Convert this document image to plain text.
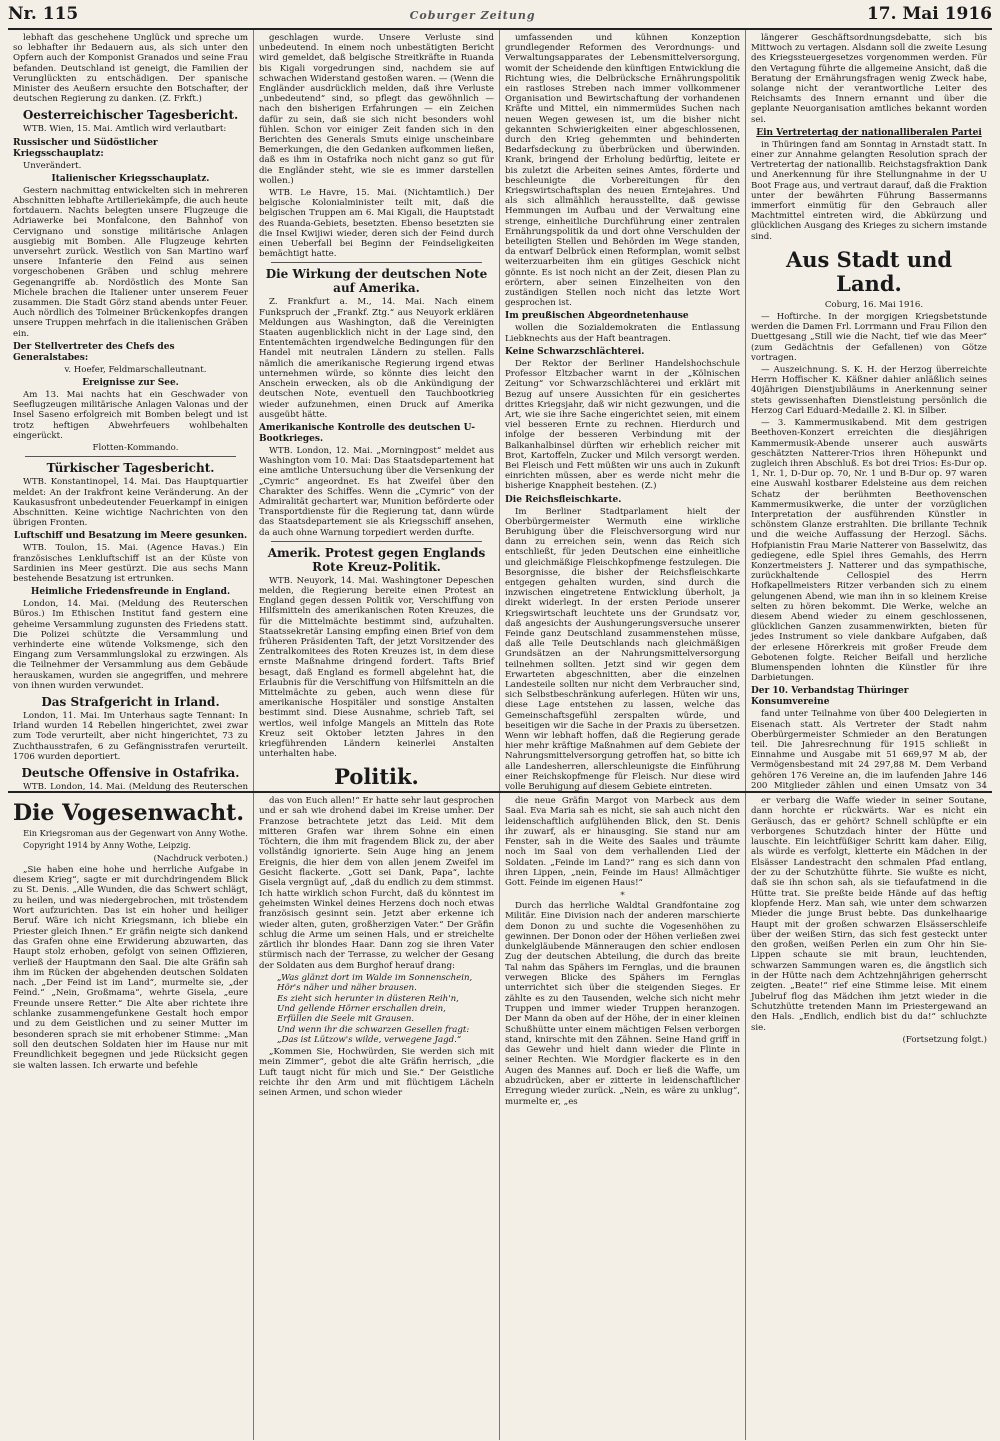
Nr. 115	Coburger Zeitung	17. Mai 1916

lebhaft das geschehene Unglück und spreche um so lebhafter ihr Bedauern aus, als sich unter den Opfern auch der Komponist Granados und seine Frau befanden. Deutschland ist geneigt, die Familien der Verunglückten zu entschädigen. Der spanische Minister des Aeußern ersuchte den Botschafter, der deutschen Regierung zu danken. (Z. Frkft.)

Oesterreichischer Tagesbericht.

WTB. Wien, 15. Mai. Amtlich wird verlautbart:

Russischer und Südöstlicher Kriegsschauplatz:

Unverändert.

Italienischer Kriegsschauplatz.

Gestern nachmittag entwickelten sich in mehreren Abschnitten lebhafte Artilleriekämpfe, die auch heute fortdauern. Nachts belegten unsere Flugzeuge die Adriawerke bei Monfalcone, den Bahnhof von Cervignano und sonstige militärische Anlagen ausgiebig mit Bomben. Alle Flugzeuge kehrten unversehrt zurück. Westlich von San Martino warf unsere Infanterie den Feind aus seinen vorgeschobenen Gräben und schlug mehrere Gegenangriffe ab. Nordöstlich des Monte San Michele brachen die Italiener unter unserem Feuer zusammen. Die Stadt Görz stand abends unter Feuer. Auch nördlich des Tolmeiner Brückenkopfes drangen unsere Truppen mehrfach in die italienischen Gräben ein.

Der Stellvertreter des Chefs des Generalstabes:

v. Hoefer, Feldmarschalleutnant.

Ereignisse zur See.

Am 13. Mai nachts hat ein Geschwader von Seeflugzeugen militärische Anlagen Valonas und der Insel Saseno erfolgreich mit Bomben belegt und ist trotz heftigen Abwehrfeuers wohlbehalten eingerückt.

Flotten-Kommando.

Türkischer Tagesbericht.

WTB. Konstantinopel, 14. Mai. Das Hauptquartier meldet: An der Irakfront keine Veränderung. An der Kaukasusfront unbedeutender Feuerkampf in einigen Abschnitten. Keine wichtige Nachrichten von den übrigen Fronten.

Luftschiff und Besatzung im Meere gesunken.

WTB. Toulon, 15. Mai. (Agence Havas.) Ein französisches Lenkluftschiff ist an der Küste von Sardinien ins Meer gestürzt. Die aus sechs Mann bestehende Besatzung ist ertrunken.

Heimliche Friedensfreunde in England.

London, 14. Mai. (Meldung des Reuterschen Büros.) Im Ethischen Institut fand gestern eine geheime Versammlung zugunsten des Friedens statt. Die Polizei schützte die Versammlung und verhinderte eine wütende Volksmenge, sich den Eingang zum Versammlungslokal zu erzwingen. Als die Teilnehmer der Versammlung aus dem Gebäude herauskamen, wurden sie angegriffen, und mehrere von ihnen wurden verwundet.

Das Strafgericht in Irland.

London, 11. Mai. Im Unterhaus sagte Tennant: In Irland wurden 14 Rebellen hingerichtet, zwei zwar zum Tode verurteilt, aber nicht hingerichtet, 73 zu Zuchthausstrafen, 6 zu Gefängnisstrafen verurteilt. 1706 wurden deportiert.

Deutsche Offensive in Ostafrika.

WTB. London, 14. Mai. (Meldung des Reuterschen

geschlagen wurde. Unsere Verluste sind unbedeutend. In einem noch unbestätigten Bericht wird gemeldet, daß belgische Streitkräfte in Ruanda bis Kigali vorgedrungen sind, nachdem sie auf schwachen Widerstand gestoßen waren. — (Wenn die Engländer ausdrücklich melden, daß ihre Verluste „unbedeutend“ sind, so pflegt das gewöhnlich — nach den bisherigen Erfahrungen — ein Zeichen dafür zu sein, daß sie sich nicht besonders wohl fühlen. Schon vor einiger Zeit fanden sich in den Berichten des Generals Smuts einige unscheinbare Bemerkungen, die den Gedanken aufkommen ließen, daß es ihm in Ostafrika noch nicht ganz so gut für die Engländer steht, wie sie es immer darstellen wollen.)

WTB. Le Havre, 15. Mai. (Nichtamtlich.) Der belgische Kolonialminister teilt mit, daß die belgischen Truppen am 6. Mai Kigali, die Hauptstadt des Ruanda-Gebiets, besetzten. Ebenso besetzten sie die Insel Kwijiwi wieder, deren sich der Feind durch einen Ueberfall bei Beginn der Feindseligkeiten bemächtigt hatte.

Die Wirkung der deutschen Note auf Amerika.

Z. Frankfurt a. M., 14. Mai. Nach einem Funkspruch der „Frankf. Ztg.“ aus Neuyork erklären Meldungen aus Washington, daß die Vereinigten Staaten augenblicklich nicht in der Lage sind, den Ententemächten irgendwelche Bedingungen für den Handel mit neutralen Ländern zu stellen. Falls nämlich die amerikanische Regierung irgend etwas unternehmen würde, so könnte dies leicht den Anschein erwecken, als ob die Ankündigung der deutschen Note, eventuell den Tauchbootkrieg wieder aufzunehmen, einen Druck auf Amerika ausgeübt hätte.

Amerikanische Kontrolle des deutschen U-Bootkrieges.

WTB. London, 12. Mai. „Morningpost“ meldet aus Washington vom 10. Mai: Das Staatsdepartement hat eine amtliche Untersuchung über die Versenkung der „Cymric“ angeordnet. Es hat Zweifel über den Charakter des Schiffes. Wenn die „Cymric“ von der Admiralität gechartert war, Munition beförderte oder Transportdienste für die Regierung tat, dann würde das Staatsdepartement sie als Kriegsschiff ansehen, da auch ohne Warnung torpediert werden durfte.

Amerik. Protest gegen Englands Rote Kreuz-Politik.

WTB. Neuyork, 14. Mai. Washingtoner Depeschen melden, die Regierung bereite einen Protest an England gegen dessen Politik vor, Verschiffung von Hilfsmitteln des amerikanischen Roten Kreuzes, die für die Mittelmächte bestimmt sind, aufzuhalten. Staatssekretär Lansing empfing einen Brief von dem früheren Präsidenten Taft, der jetzt Vorsitzender des Zentralkomitees des Roten Kreuzes ist, in dem diese ernste Maßnahme dringend fordert. Tafts Brief besagt, daß England es formell abgelehnt hat, die Erlaubnis für die Verschiffung von Hilfsmitteln an die Mittelmächte zu geben, auch wenn diese für amerikanische Hospitäler und sonstige Anstalten bestimmt sind. Diese Ausnahme, schrieb Taft, sei wertlos, weil infolge Mangels an Mitteln das Rote Kreuz seit Oktober letzten Jahres in den kriegführenden Ländern keinerlei Anstalten unterhalten habe.

Politik.

umfassenden und kühnen Konzeption grundlegender Reformen des Verordnungs- und Verwaltungsapparates der Lebensmittelversorgung, womit der Scheidende den künftigen Entwicklung die Richtung wies, die Delbrücksche Ernährungspolitik ein rastloses Streben nach immer vollkommener Organisation und Bewirtschaftung der vorhandenen Kräfte und Mittel, ein nimmermüdes Suchen nach neuen Wegen gewesen ist, um die bisher nicht gekannten Schwierigkeiten einer abgeschlossenen, durch den Krieg gehemmten und behinderten Bedarfsdeckung zu überbrücken und überwinden. Krank, bringend der Erholung bedürftig, leitete er bis zuletzt die Arbeiten seines Amtes, förderte und beschleunigte die Vorbereitungen für den Kriegswirtschaftsplan des neuen Erntejahres. Und als sich allmählich herausstellte, daß gewisse Hemmungen im Aufbau und der Verwaltung eine strenge, einheitliche Durchführung einer zentralen Ernährungspolitik da und dort ohne Verschulden der beteiligten Stellen und Behörden im Wege standen, da entwarf Delbrück einen Reformplan, womit selbst weiterzuarbeiten ihm ein gütiges Geschick nicht gönnte. Es ist noch nicht an der Zeit, diesen Plan zu erörtern, aber seinen Einzelheiten von den zuständigen Stellen noch nicht das letzte Wort gesprochen ist.

Im preußischen Abgeordnetenhause

wollen die Sozialdemokraten die Entlassung Liebknechts aus der Haft beantragen.

Keine Schwarzschlächterei.

Der Rektor der Berliner Handelshochschule Professor Eltzbacher warnt in der „Kölnischen Zeitung“ vor Schwarzschlächterei und erklärt mit Bezug auf unsere Aussichten für ein gesichertes drittes Kriegsjahr, daß wir nicht gezwungen, und die Art, wie sie ihre Sache eingerichtet seien, mit einem viel besseren Ernte zu rechnen. Hierdurch und infolge der besseren Verbindung mit der Balkanhalbinsel dürften wir erheblich reicher mit Brot, Kartoffeln, Zucker und Milch versorgt werden. Bei Fleisch und Fett müßten wir uns auch in Zukunft einrichten müssen, aber es werde nicht mehr die bisherige Knappheit bestehen. (Z.)

Die Reichsfleischkarte.

Im Berliner Stadtparlament hielt der Oberbürgermeister Wermuth eine wirkliche Beruhigung über die Fleischversorgung wird nur dann zu erreichen sein, wenn das Reich sich entschließt, für jeden Deutschen eine einheitliche und gleichmäßige Fleischkopfmenge festzulegen. Die Besorgnisse, die bisher der Reichsfleischkarte entgegen gehalten wurden, sind durch die inzwischen eingetretene Entwicklung überholt, ja direkt widerlegt. In der ersten Periode unserer Kriegswirtschaft leuchtete uns der Grundsatz vor, daß angesichts der Aushungerungsversuche unserer Feinde ganz Deutschland zusammenstehen müsse, daß alle Teile Deutschlands nach gleichmäßigen Grundsätzen an der Nahrungsmittelversorgung teilnehmen sollten. Jetzt sind wir gegen dem Erwarteten abgeschnitten, aber die einzelnen Landesteile sollten nur nicht dem Verbraucher sind, sich Selbstbeschränkung auferlegen. Hüten wir uns, diese Lage entstehen zu lassen, welche das Gemeinschaftsgefühl zerspalten würde, und beseitigen wir die Sache in der Praxis zu übersetzen. Wenn wir lebhaft hoffen, daß die Regierung gerade hier mehr kräftige Maßnahmen auf dem Gebiete der Nahrungsmittelversorgung getroffen hat, so bitte ich alle Landesherren, allerschleunigste die Einführung einer Reichskopfmenge für Fleisch. Nur diese wird volle Beruhigung auf diesem Gebiete eintreten.

längerer Geschäftsordnungsdebatte, sich bis Mittwoch zu vertagen. Alsdann soll die zweite Lesung des Kriegssteuergesetzes vorgenommen werden. Für den Vertagung führte die allgemeine Ansicht, daß die Beratung der Ernährungsfragen wenig Zweck habe, solange nicht der verantwortliche Leiter des Reichsamts des Innern ernannt und über die geplante Neuorganisation amtliches bekannt worden sei.

Ein Vertretertag der nationalliberalen Partei

in Thüringen fand am Sonntag in Arnstadt statt. In einer zur Annahme gelangten Resolution sprach der Vertretertag der nationallib. Reichstagsfraktion Dank und Anerkennung für ihre Stellungnahme in der U Boot Frage aus, und vertraut darauf, daß die Fraktion unter der bewährten Führung Bassermanns immerfort einmütig für den Gebrauch aller Machtmittel eintreten wird, die Abkürzung und glücklichen Ausgang des Krieges zu sichern imstande sind.

Aus Stadt und Land.

Coburg, 16. Mai 1916.

— Hoftirche. In der morgigen Kriegsbetstunde werden die Damen Frl. Lorrmann und Frau Filion den Duettgesang „Still wie die Nacht, tief wie das Meer“ (zum Gedächtnis der Gefallenen) von Götze vortragen.

— Auszeichnung. S. K. H. der Herzog überreichte Herrn Hoffischer K. Käßner dahier anläßlich seines 40jährigen Dienstjubiläums in Anerkennung seiner stets gewissenhaften Dienstleistung persönlich die Herzog Carl Eduard-Medaille 2. Kl. in Silber.

— 3. Kammermusikabend. Mit dem gestrigen Beethoven-Konzert erreichten die diesjährigen Kammermusik-Abende unserer auch auswärts geschätzten Natterer-Trios ihren Höhepunkt und zugleich ihren Abschluß. Es bot drei Trios: Es-Dur op. 1, Nr. 1, D-Dur op. 70, Nr. 1 und B-Dur op. 97 waren eine Auswahl kostbarer Edelsteine aus dem reichen Schatz der berühmten Beethovenschen Kammermusikwerke, die unter der vorzüglichen Interpretation der ausführenden Künstler in schönstem Glanze erstrahlten. Die brillante Technik und die weiche Auffassung der Herzogl. Sächs. Hofpianistin Frau Marie Natterer von Basselwitz, das gediegene, edle Spiel ihres Gemahls, des Herrn Konzertmeisters J. Natterer und das sympathische, zurückhaltende Cellospiel des Herrn Hofkapellmeisters Ritzer verbanden sich zu einem gelungenen Abend, wie man ihn in so kleinem Kreise selten zu hören bekommt. Die Werke, welche an diesem Abend wieder zu einem geschlossenen, glücklichen Ganzen zusammenwirkten, bieten für jedes Instrument so viele dankbare Aufgaben, daß der erlesene Hörerkreis mit großer Freude dem Gebotenen folgte. Reicher Beifall und herzliche Blumenspenden lohnten die Künstler für ihre Darbietungen.

Der 10. Verbandstag Thüringer Konsumvereine

fand unter Teilnahme von über 400 Delegierten in Eisenach statt. Als Vertreter der Stadt nahm Oberbürgermeister Schmieder an den Beratungen teil. Die Jahresrechnung für 1915 schließt in Einnahme und Ausgabe mit 51 669,97 M ab, der Vermögensbestand mit 24 297,88 M. Dem Verband gehören 176 Vereine an, die im laufenden Jahre 146 200 Mitglieder zählen und einen Umsatz von 34

Die Vogesenwacht.

Ein Kriegsroman aus der Gegenwart von Anny Wothe.

Copyright 1914 by Anny Wothe, Leipzig.

(Nachdruck verboten.)

„Sie haben eine hohe und herrliche Aufgabe in diesem Krieg“, sagte er mit durchdringendem Blick zu St. Denis. „Alle Wunden, die das Schwert schlägt, zu heilen, und was niedergebrochen, mit tröstendem Wort aufzurichten. Das ist ein hoher und heiliger Beruf. Wäre ich nicht Kriegsmann, ich bliebe ein Priester gleich Ihnen.“ Er gräfin neigte sich dankend das Grafen ohne eine Erwiderung abzuwarten, das Haupt stolz erhoben, gefolgt von seinen Offizieren, verließ der Hauptmann den Saal. Die alte Gräfin sah ihm im Rücken der abgehenden deutschen Soldaten nach. „Der Feind ist im Land“, murmelte sie, „der Feind.“ „Nein, Großmama“, wehrte Gisela, „eure Freunde unsere Retter.“ Die Alte aber richtete ihre schlanke zusammengefunkene Gestalt hoch empor und zu dem Geistlichen und zu seiner Mutter im besonderen sprach sie mit erhobener Stimme: „Man soll den deutschen Soldaten hier im Hause nur mit Freundlichkeit begegnen und jede Rücksicht gegen sie walten lassen. Ich erwarte und befehle

das von Euch allen!“ Er hatte sehr laut gesprochen und er sah wie drohend dabei im Kreise umher. Der Franzose betrachtete jetzt das Leid. Mit dem mitteren Grafen war ihrem Sohne ein einen Töchtern, die ihm mit fragendem Blick zu, der aber vollständig ignorierte. Sein Auge hing an jenem Ereignis, die hier dem von allen jenem Zweifel im Gesicht flackerte. „Gott sei Dank, Papa“, lachte Gisela vergnügt auf, „daß du endlich zu dem stimmst. Ich hatte wirklich schon Furcht, daß du könntest im geheimsten Winkel deines Herzens doch noch etwas französisch gesinnt sein. Jetzt aber erkenne ich wieder alten, guten, großherzigen Vater.“ Der Gräfin schlug die Arme um seinen Hals, und er streichelte zärtlich ihr blondes Haar. Dann zog sie ihren Vater stürmisch nach der Terrasse, zu welcher der Gesang der Soldaten aus dem Burghof herauf drang:

„Was glänzt dort im Walde im Sonnenschein,
Hör's näher und näher brausen.
Es zieht sich herunter in düsteren Reih'n,
Und gellende Hörner erschallen drein,
Erfüllen die Seele mit Grausen.
Und wenn ihr die schwarzen Gesellen fragt:
„Das ist Lützow's wilde, verwegene Jagd.“

„Kommen Sie, Hochwürden, Sie werden sich mit mein Zimmer“, gebot die alte Gräfin herrisch, „die Luft taugt nicht für mich und Sie.“ Der Geistliche reichte ihr den Arm und mit flüchtigem Lächeln seinen Armen, und schon wieder

die neue Gräfin Margot von Marbeck aus dem Saal. Eva Maria sah es nicht, sie sah auch nicht den leidenschaftlich aufglühenden Blick, den St. Denis ihr zuwarf, als er hinausging. Sie stand nur am Fenster, sah in die Weite des Saales und träumte noch im Saal von dem verhallenden Lied der Soldaten. „Feinde im Land?“ rang es sich dann von ihren Lippen, „nein, Feinde im Haus! Allmächtiger Gott. Feinde im eigenen Haus!“

*

Durch das herrliche Waldtal Grandfontaine zog Militär. Eine Division nach der anderen marschierte dem Donon zu und suchte die Vogesenhöhen zu gewinnen. Der Donon oder der Höhen verließen zwei dunkelgläubende Männeraugen den schier endlosen Zug der deutschen Abteilung, die durch das breite Tal nahm das Spähers im Fernglas, und die braunen verwegen Blicke des Spähers im Fernglas unterrichtet sich über die steigenden Sieges. Er zählte es zu den Tausenden, welche sich nicht mehr Truppen und immer wieder Truppen heranzogen. Der Mann da oben auf der Höhe, der in einer kleinen Schußhütte unter einem mächtigen Felsen verborgen stand, knirschte mit den Zähnen. Seine Hand griff in das Gewehr und hielt dann wieder die Flinte in seiner Rechten. Wie Mordgier flackerte es in den Augen des Mannes auf. Doch er ließ die Waffe, um abzudrücken, aber er zitterte in leidenschaftlicher Erregung wieder zurück. „Nein, es wäre zu unklug“, murmelte er, „es

er verbarg die Waffe wieder in seiner Soutane, dann horchte er rückwärts. War es nicht ein Geräusch, das er gehört? Schnell schlüpfte er ein verborgenes Schutzdach hinter der Hütte und lauschte. Ein leichtfüßiger Schritt kam daher. Eilig, als würde es verfolgt, kletterte ein Mädchen in der Elsässer Landestracht den schmalen Pfad entlang, der zu der Schutzhütte führte. Sie wußte es nicht, daß sie ihn schon sah, als sie tiefaufatmend in die Hütte trat. Sie preßte beide Hände auf das heftig klopfende Herz. Man sah, wie unter dem schwarzen Mieder die junge Brust bebte. Das dunkelhaarige Haupt mit der großen schwarzen Elsässerschleife über der weißen Stirn, das sich fest gesteckt unter den großen, weißen Perlen ein zum Ohr hin Sie-Lippen schaute sie mit braun, leuchtenden, schwarzen Sammungen waren es, die ängstlich sich in der Hütte nach dem Achtzehnjährigen geherrscht zeigten. „Beate!“ rief eine Stimme leise. Mit einem Jubelruf flog das Mädchen ihm jetzt wieder in die Schutzhütte tretenden Mann im Priestergewand an den Hals. „Endlich, endlich bist du da!“ schluchzte sie.

(Fortsetzung folgt.)
